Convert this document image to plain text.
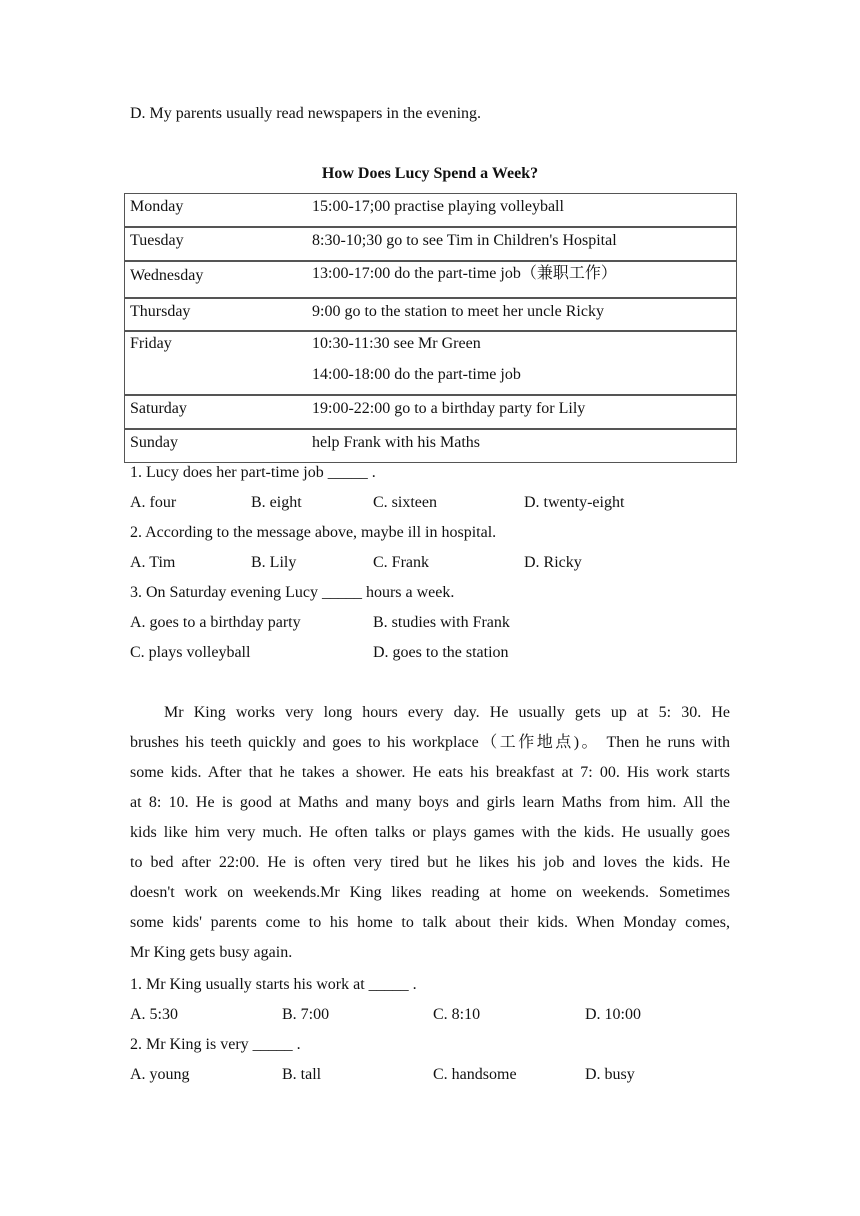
D. My parents usually read newspapers in the evening.
How Does Lucy Spend a Week?
Monday	15:00-17;00 practise playing volleyball
Tuesday	8:30-10;30 go to see Tim in Children's Hospital
Wednesday	13:00-17:00 do the part-time job（兼职工作）
Thursday	9:00 go to the station to meet her uncle Ricky
Friday	10:30-11:30 see Mr Green
14:00-18:00 do the part-time job
Saturday	19:00-22:00 go to a birthday party for Lily
Sunday	help Frank with his Maths
1. Lucy does her part-time job _____ .
A. four	B. eight	C. sixteen	D. twenty-eight
2. According to the message above, maybe ill in hospital.
A. Tim	B. Lily	C. Frank	D. Ricky
3. On Saturday evening Lucy _____ hours a week.
A. goes to a birthday party	B. studies with Frank
C. plays volleyball	D. goes to the station
Mr King works very long hours every day. He usually gets up at 5: 30. He
brushes his teeth quickly and goes to his workplace（工作地点)。 Then he runs with
some kids. After that he takes a shower. He eats his breakfast at 7: 00. His work starts
at 8: 10. He is good at Maths and many boys and girls learn Maths from him. All the
kids like him very much. He often talks or plays games with the kids. He usually goes
to bed after 22:00. He is often very tired but he likes his job and loves the kids. He
doesn't work on weekends.Mr King likes reading at home on weekends. Sometimes
some kids' parents come to his home to talk about their kids. When Monday comes,
Mr King gets busy again.
1. Mr King usually starts his work at _____ .
A. 5:30	B. 7:00	C. 8:10	D. 10:00
2. Mr King is very _____ .
A. young	B. tall	C. handsome	D. busy
